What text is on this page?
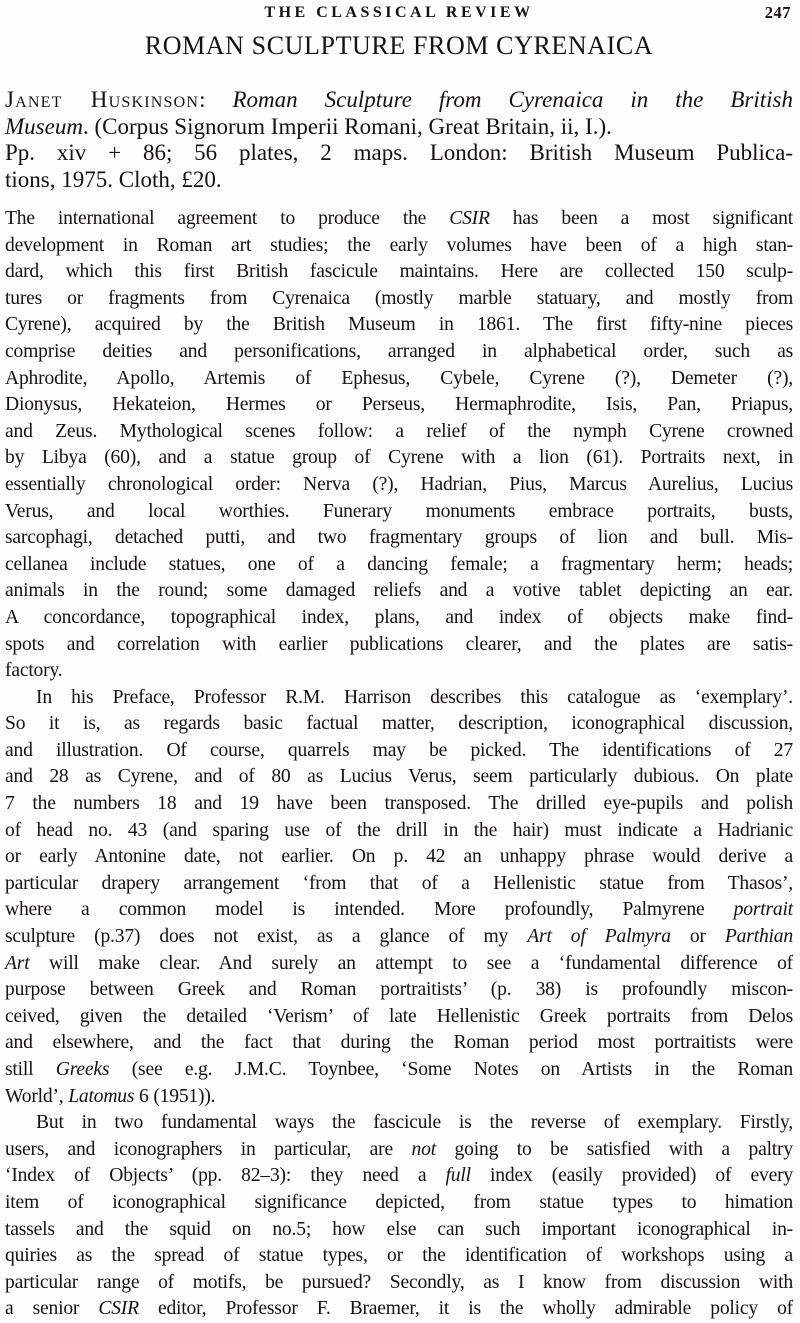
THE CLASSICAL REVIEW	247
ROMAN SCULPTURE FROM CYRENAICA
Janet Huskinson: Roman Sculpture from Cyrenaica in the British
Museum. (Corpus Signorum Imperii Romani, Great Britain, ii, I.).
Pp. xiv + 86; 56 plates, 2 maps. London: British Museum Publica-
tions, 1975. Cloth, £20.
The international agreement to produce the CSIR has been a most significant
development in Roman art studies; the early volumes have been of a high stan-
dard, which this first British fascicule maintains. Here are collected 150 sculp-
tures or fragments from Cyrenaica (mostly marble statuary, and mostly from
Cyrene), acquired by the British Museum in 1861. The first fifty-nine pieces
comprise deities and personifications, arranged in alphabetical order, such as
Aphrodite, Apollo, Artemis of Ephesus, Cybele, Cyrene (?), Demeter (?),
Dionysus, Hekateion, Hermes or Perseus, Hermaphrodite, Isis, Pan, Priapus,
and Zeus. Mythological scenes follow: a relief of the nymph Cyrene crowned
by Libya (60), and a statue group of Cyrene with a lion (61). Portraits next, in
essentially chronological order: Nerva (?), Hadrian, Pius, Marcus Aurelius, Lucius
Verus, and local worthies. Funerary monuments embrace portraits, busts,
sarcophagi, detached putti, and two fragmentary groups of lion and bull. Mis-
cellanea include statues, one of a dancing female; a fragmentary herm; heads;
animals in the round; some damaged reliefs and a votive tablet depicting an ear.
A concordance, topographical index, plans, and index of objects make find-
spots and correlation with earlier publications clearer, and the plates are satis-
factory.
In his Preface, Professor R.M. Harrison describes this catalogue as ‘exemplary’.
So it is, as regards basic factual matter, description, iconographical discussion,
and illustration. Of course, quarrels may be picked. The identifications of 27
and 28 as Cyrene, and of 80 as Lucius Verus, seem particularly dubious. On plate
7 the numbers 18 and 19 have been transposed. The drilled eye-pupils and polish
of head no. 43 (and sparing use of the drill in the hair) must indicate a Hadrianic
or early Antonine date, not earlier. On p. 42 an unhappy phrase would derive a
particular drapery arrangement ‘from that of a Hellenistic statue from Thasos’,
where a common model is intended. More profoundly, Palmyrene portrait
sculpture (p.37) does not exist, as a glance of my Art of Palmyra or Parthian
Art will make clear. And surely an attempt to see a ‘fundamental difference of
purpose between Greek and Roman portraitists’ (p. 38) is profoundly miscon-
ceived, given the detailed ‘Verism’ of late Hellenistic Greek portraits from Delos
and elsewhere, and the fact that during the Roman period most portraitists were
still Greeks (see e.g. J.M.C. Toynbee, ‘Some Notes on Artists in the Roman
World’, Latomus 6 (1951)).
But in two fundamental ways the fascicule is the reverse of exemplary. Firstly,
users, and iconographers in particular, are not going to be satisfied with a paltry
‘Index of Objects’ (pp. 82–3): they need a full index (easily provided) of every
item of iconographical significance depicted, from statue types to himation
tassels and the squid on no.5; how else can such important iconographical in-
quiries as the spread of statue types, or the identification of workshops using a
particular range of motifs, be pursued? Secondly, as I know from discussion with
a senior CSIR editor, Professor F. Braemer, it is the wholly admirable policy of
